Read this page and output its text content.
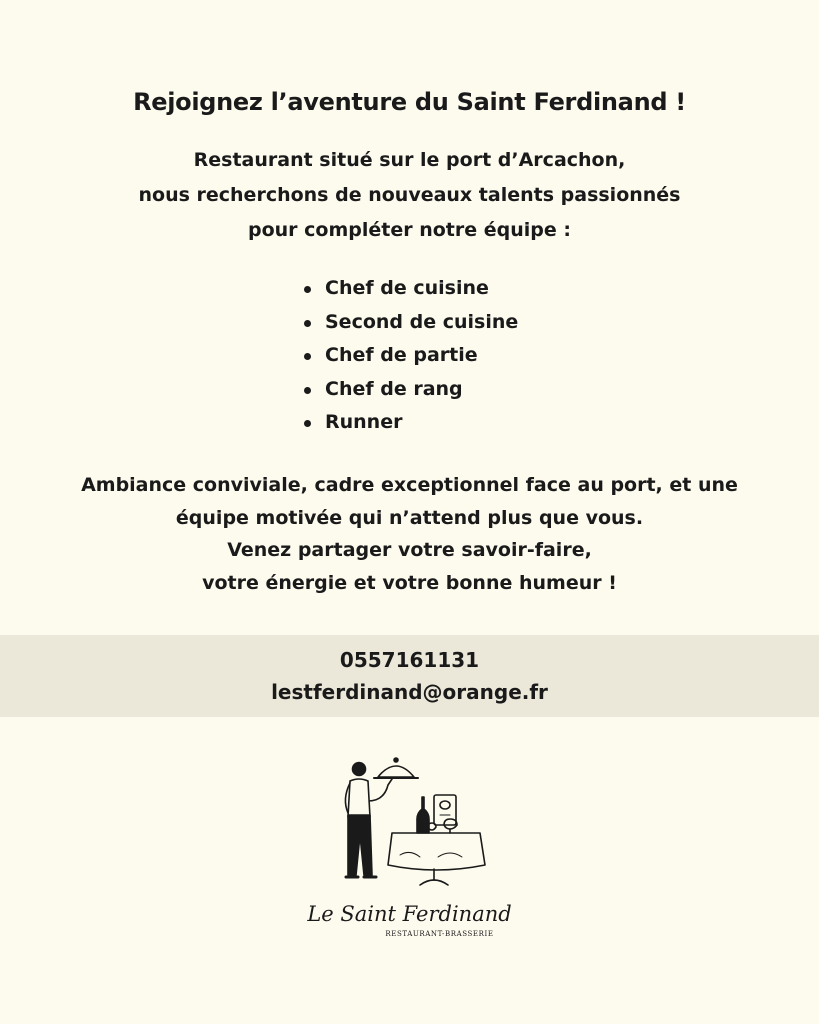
Rejoignez l’aventure du Saint Ferdinand !
Restaurant situé sur le port d’Arcachon,
nous recherchons de nouveaux talents passionnés
pour compléter notre équipe :
Chef de cuisine
Second de cuisine
Chef de partie
Chef de rang
Runner
Ambiance conviviale, cadre exceptionnel face au port, et une
équipe motivée qui n’attend plus que vous.
Venez partager votre savoir-faire,
votre énergie et votre bonne humeur !
0557161131
lestferdinand@orange.fr
Le Saint Ferdinand
RESTAURANT-BRASSERIE
